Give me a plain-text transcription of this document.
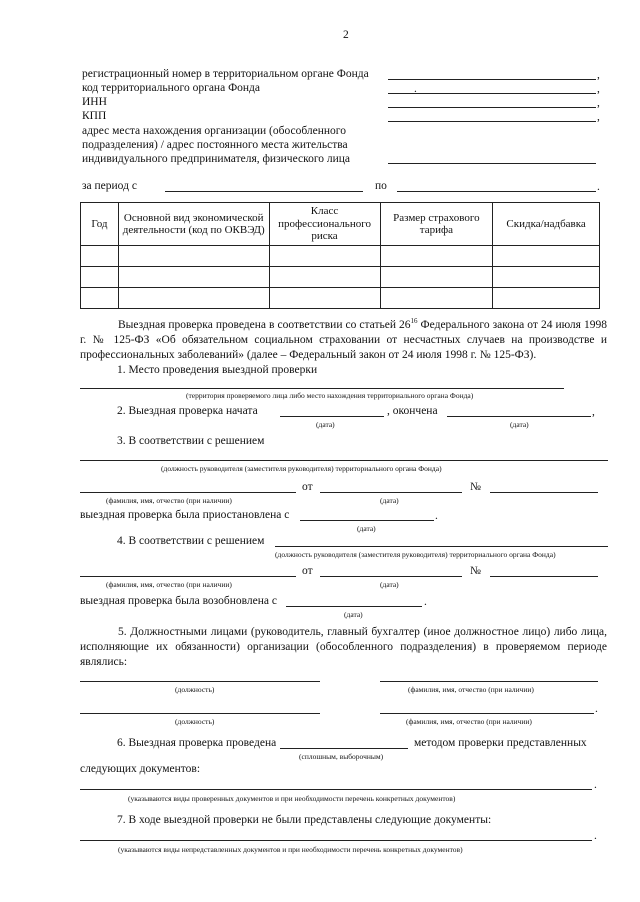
2
регистрационный номер в территориальном органе Фонда	,
код территориального органа Фонда	.	,
ИНН	,
КПП	,
адрес места нахождения организации (обособленного
подразделения) / адрес постоянного места жительства
индивидуального предпринимателя, физического лица
за период с	по	.
Год	Основной вид экономической деятельности (код по ОКВЭД)	Класс профессионального риска	Размер страхового тарифа	Скидка/надбавка

Выездная проверка проведена в соответствии со статьей $26^{16}$ Федерального закона от 24 июля 1998 г. № 125-ФЗ «Об обязательном социальном страховании от несчастных случаев на производстве и профессиональных заболеваний» (далее – Федеральный закон от 24 июля 1998 г. № 125-ФЗ).
1. Место проведения выездной проверки
(территория проверяемого лица либо место нахождения территориального органа Фонда)
2. Выездная проверка начата	, окончена	,
(дата)	(дата)
3. В соответствии с решением
(должность руководителя (заместителя руководителя) территориального органа Фонда)
от	№
(фамилия, имя, отчество (при наличии)	(дата)
выездная проверка была приостановлена с	.
(дата)
4. В соответствии с решением
(должность руководителя (заместителя руководителя) территориального органа Фонда)
от	№
(фамилия, имя, отчество (при наличии)	(дата)
выездная проверка была возобновлена с	.
(дата)
5. Должностными лицами (руководитель, главный бухгалтер (иное должностное лицо) либо лица, исполняющие их обязанности) организации (обособленного подразделения) в проверяемом периоде являлись:
(должность)	(фамилия, имя, отчество (при наличии)
.
(должность)	(фамилия, имя, отчество (при наличии)
6. Выездная проверка проведена	методом проверки представленных
(сплошным, выборочным)
следующих документов:
.
(указываются виды проверенных документов и при необходимости перечень конкретных документов)
7. В ходе выездной проверки не были представлены следующие документы:
.
(указываются виды непредставленных документов и при необходимости перечень конкретных документов)
